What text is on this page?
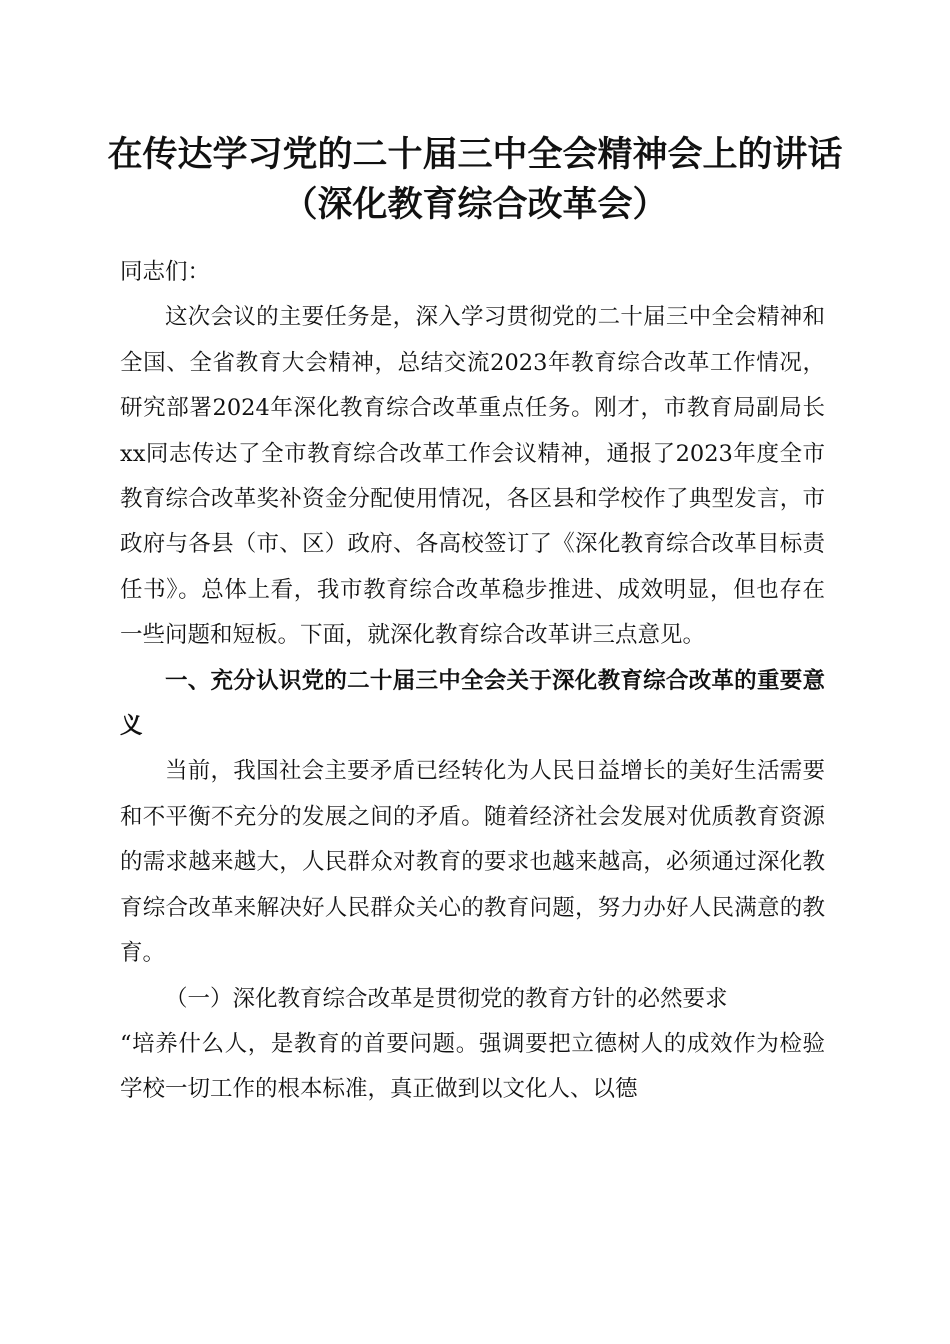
在传达学习党的二十届三中全会精神会上的讲话（深化教育综合改革会）

同志们：

这次会议的主要任务是，深入学习贯彻党的二十届三中全会精神和全国、全省教育大会精神，总结交流2023年教育综合改革工作情况，研究部署2024年深化教育综合改革重点任务。刚才，市教育局副局长xx同志传达了全市教育综合改革工作会议精神，通报了2023年度全市教育综合改革奖补资金分配使用情况，各区县和学校作了典型发言，市政府与各县（市、区）政府、各高校签订了《深化教育综合改革目标责任书》。总体上看，我市教育综合改革稳步推进、成效明显，但也存在一些问题和短板。下面，就深化教育综合改革讲三点意见。

一、充分认识党的二十届三中全会关于深化教育综合改革的重要意义

当前，我国社会主要矛盾已经转化为人民日益增长的美好生活需要和不平衡不充分的发展之间的矛盾。随着经济社会发展对优质教育资源的需求越来越大，人民群众对教育的要求也越来越高，必须通过深化教育综合改革来解决好人民群众关心的教育问题，努力办好人民满意的教育。

（一）深化教育综合改革是贯彻党的教育方针的必然要求

“培养什么人，是教育的首要问题。强调要把立德树人的成效作为检验学校一切工作的根本标准，真正做到以文化人、以德
